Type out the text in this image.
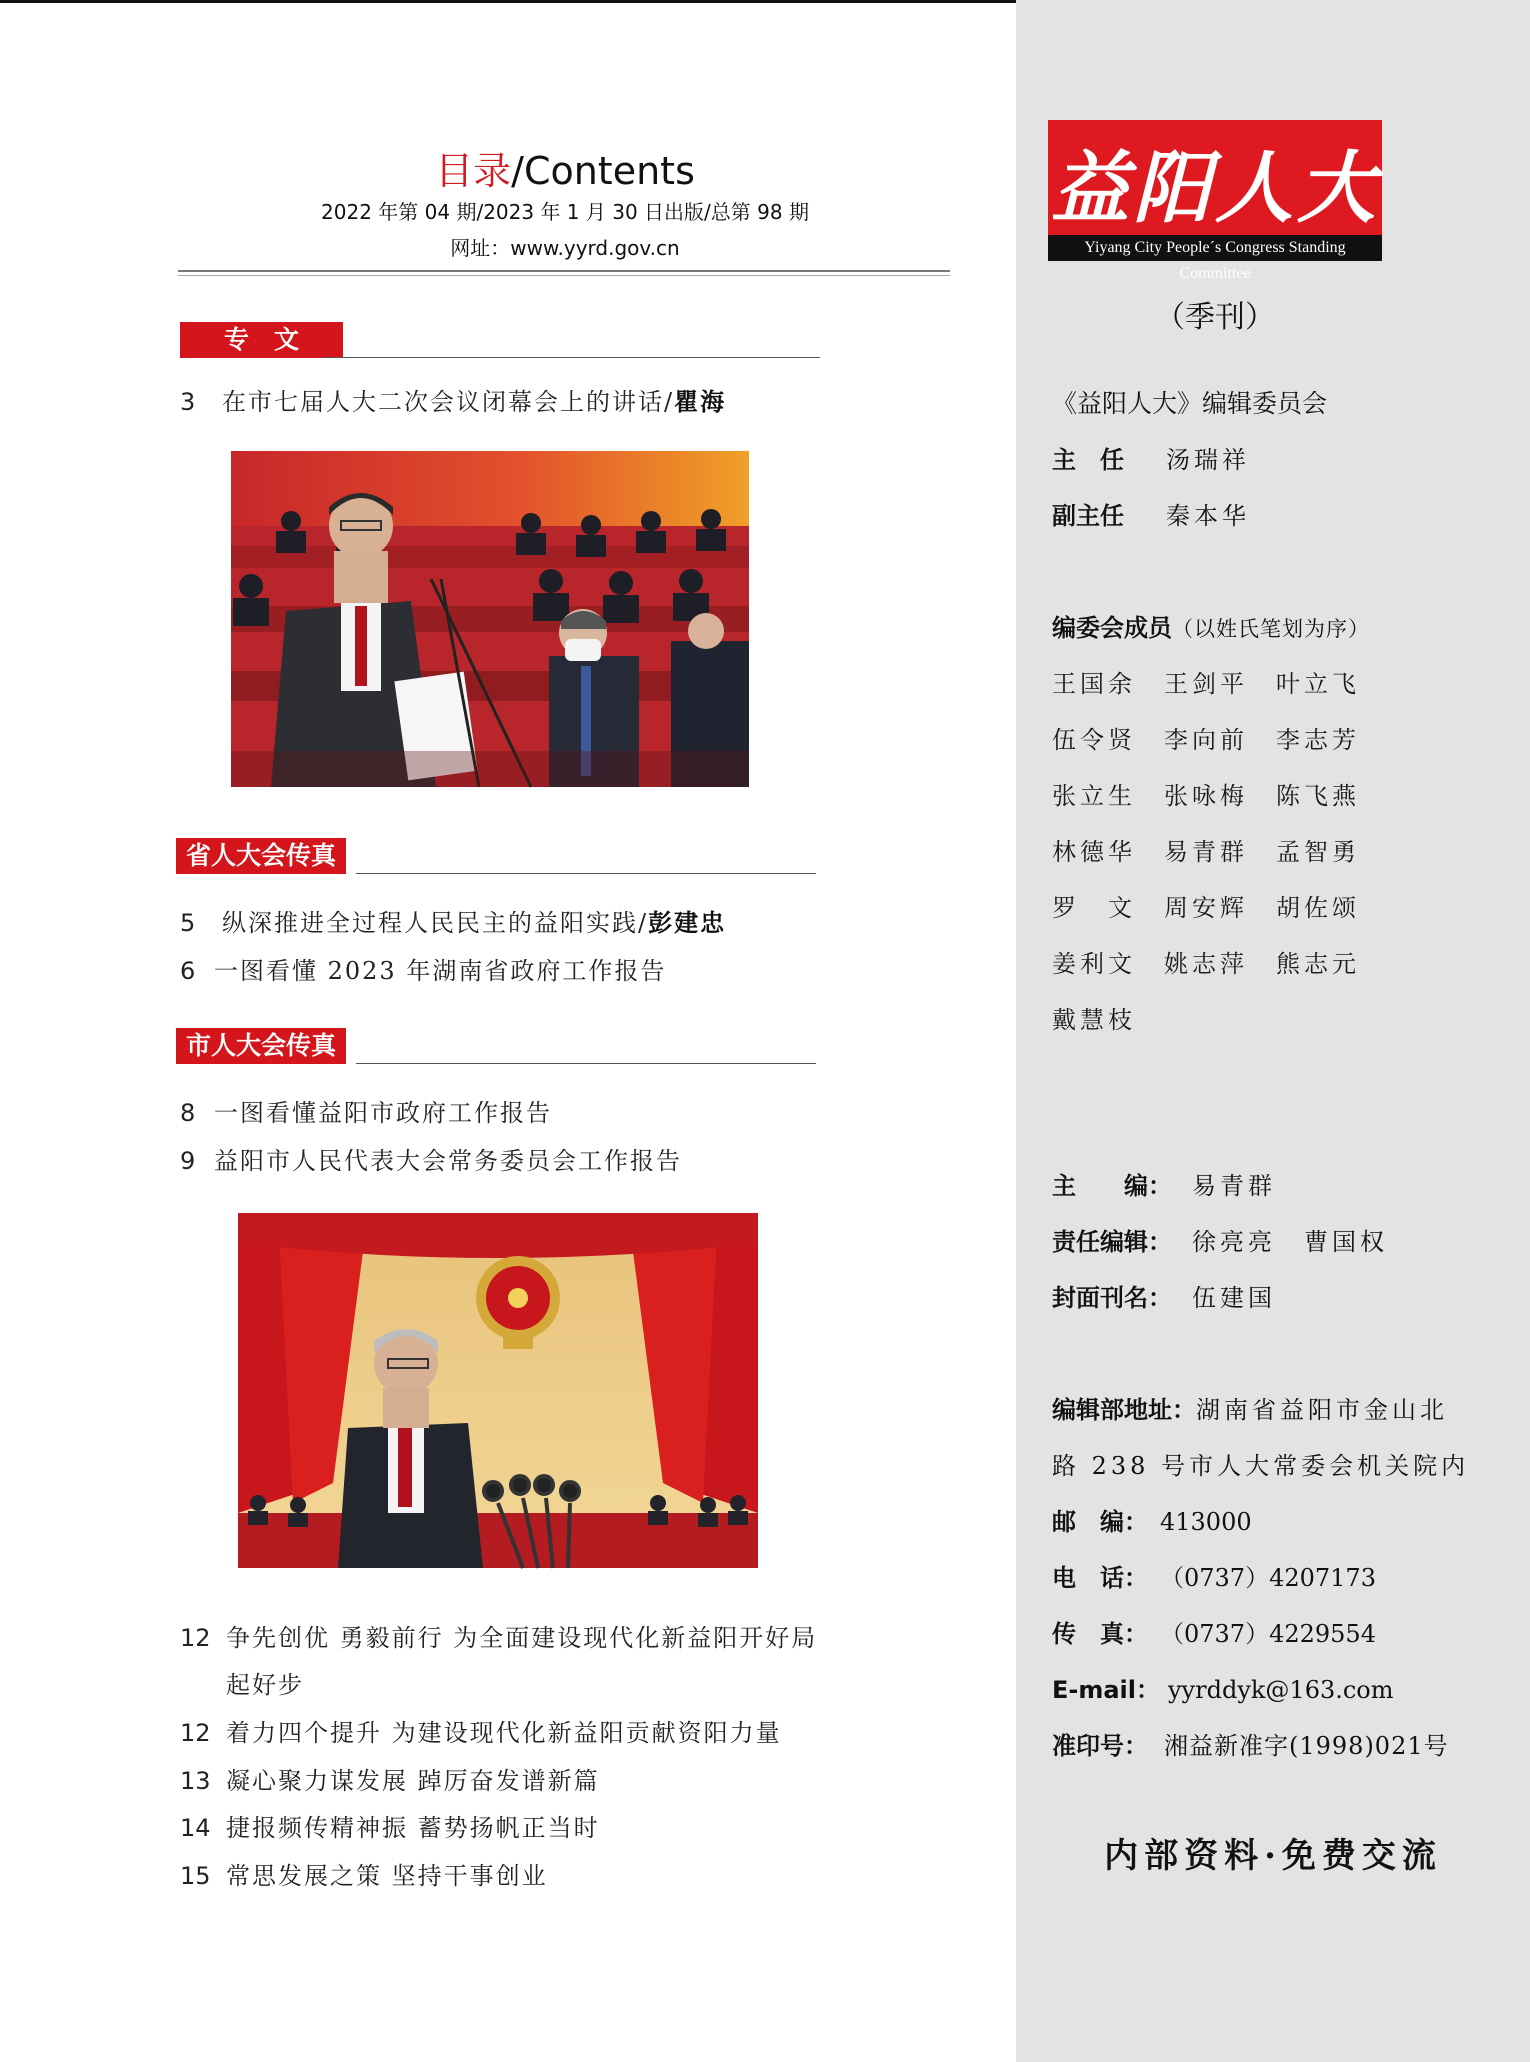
目录/Contents
2022 年第 04 期/2023 年 1 月 30 日出版/总第 98 期
网址：www.yyrd.gov.cn
专　文
3 在市七届人大二次会议闭幕会上的讲话/瞿海
省人大会传真
5 纵深推进全过程人民民主的益阳实践/彭建忠
6 一图看懂 2023 年湖南省政府工作报告
市人大会传真
8 一图看懂益阳市政府工作报告
9 益阳市人民代表大会常务委员会工作报告
12 争先创优 勇毅前行 为全面建设现代化新益阳开好局
起好步
12 着力四个提升 为建设现代化新益阳贡献资阳力量
13 凝心聚力谋发展 踔厉奋发谱新篇
14 捷报频传精神振 蓄势扬帆正当时
15 常思发展之策 坚持干事创业
益阳人大
Yiyang City People´s Congress Standing Committee
（季刊）
《益阳人大》编辑委员会
主　任 汤瑞祥
副主任 秦本华
编委会成员（以姓氏笔划为序）
王国余 王剑平 叶立飞
伍令贤 李向前 李志芳
张立生 张咏梅 陈飞燕
林德华 易青群 孟智勇
罗　文 周安辉 胡佐颂
姜利文 姚志萍 熊志元
戴慧枝
主　　编： 易青群
责任编辑： 徐亮亮　曹国权
封面刊名： 伍建国
编辑部地址：湖南省益阳市金山北
路 238 号市人大常委会机关院内
邮　编： 413000
电　话： （0737）4207173
传　真： （0737）4229554
E-mail： yyrddyk@163.com
准印号： 湘益新准字(1998)021号
内部资料·免费交流
